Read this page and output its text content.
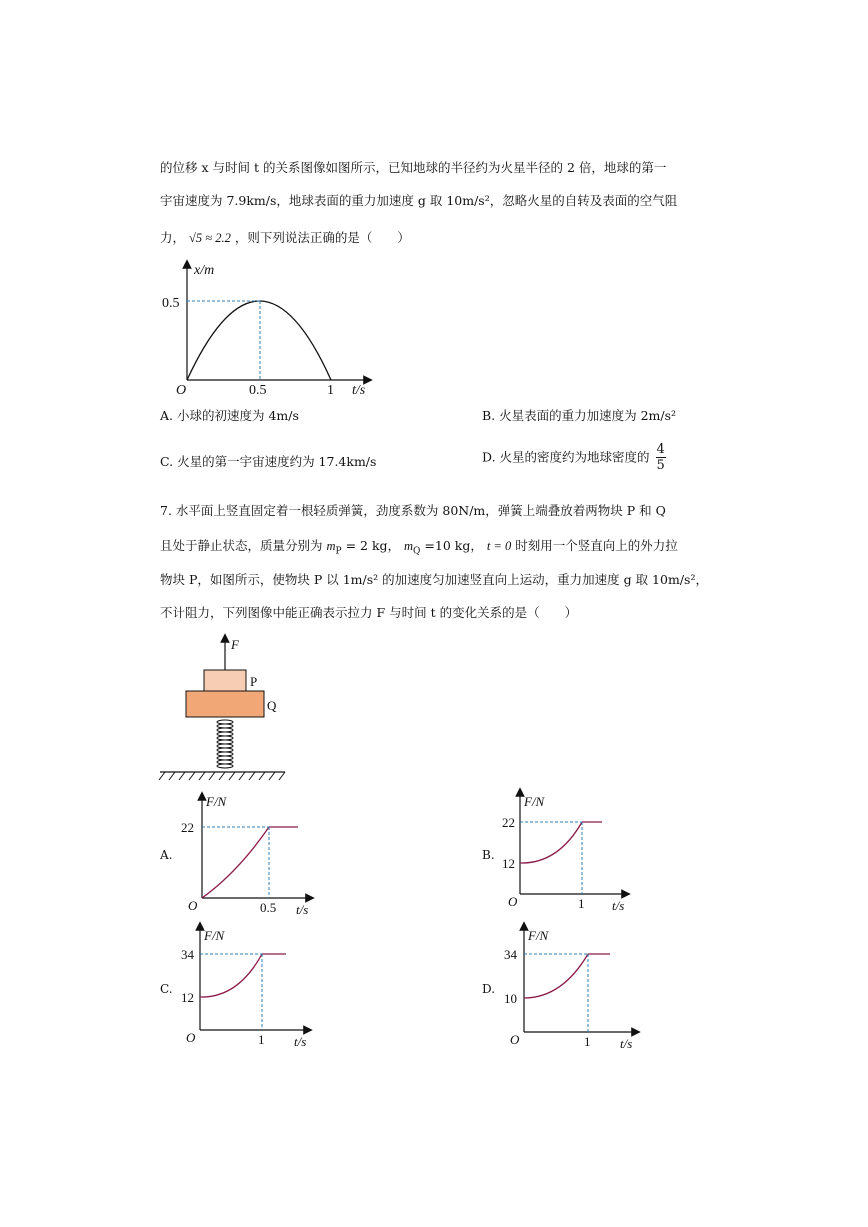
的位移 x 与时间 t 的关系图像如图所示，已知地球的半径约为火星半径的 2 倍，地球的第一
宇宙速度为 7.9km/s，地球表面的重力加速度 g 取 10m/s²，忽略火星的自转及表面的空气阻
力， √5 ≈ 2.2 ，则下列说法正确的是（　　）
x/m
0.5
O	0.5	1 t/s
A. 小球的初速度为 4m/s	B. 火星表面的重力加速度为 2m/s²
C. 火星的第一宇宙速度约为 17.4km/s	D. 火星的密度约为地球密度的 $\frac{4}{5}$
7. 水平面上竖直固定着一根轻质弹簧，劲度系数为 80N/m，弹簧上端叠放着两物块 P 和 Q
且处于静止状态，质量分别为 $m_P = 2$ kg， $m_Q =10$ kg， t = 0 时刻用一个竖直向上的外力拉
物块 P，如图所示，使物块 P 以 1m/s² 的加速度匀加速竖直向上运动，重力加速度 g 取 10m/s²，
不计阻力，下列图像中能正确表示拉力 F 与时间 t 的变化关系的是（　　）
F
P
Q
A.
F/N
22
O	0.5 t/s
B.
F/N
22
12
O	1 t/s
C.
F/N
34
12
O	1 t/s
D.
F/N
34
10
O	1 t/s
